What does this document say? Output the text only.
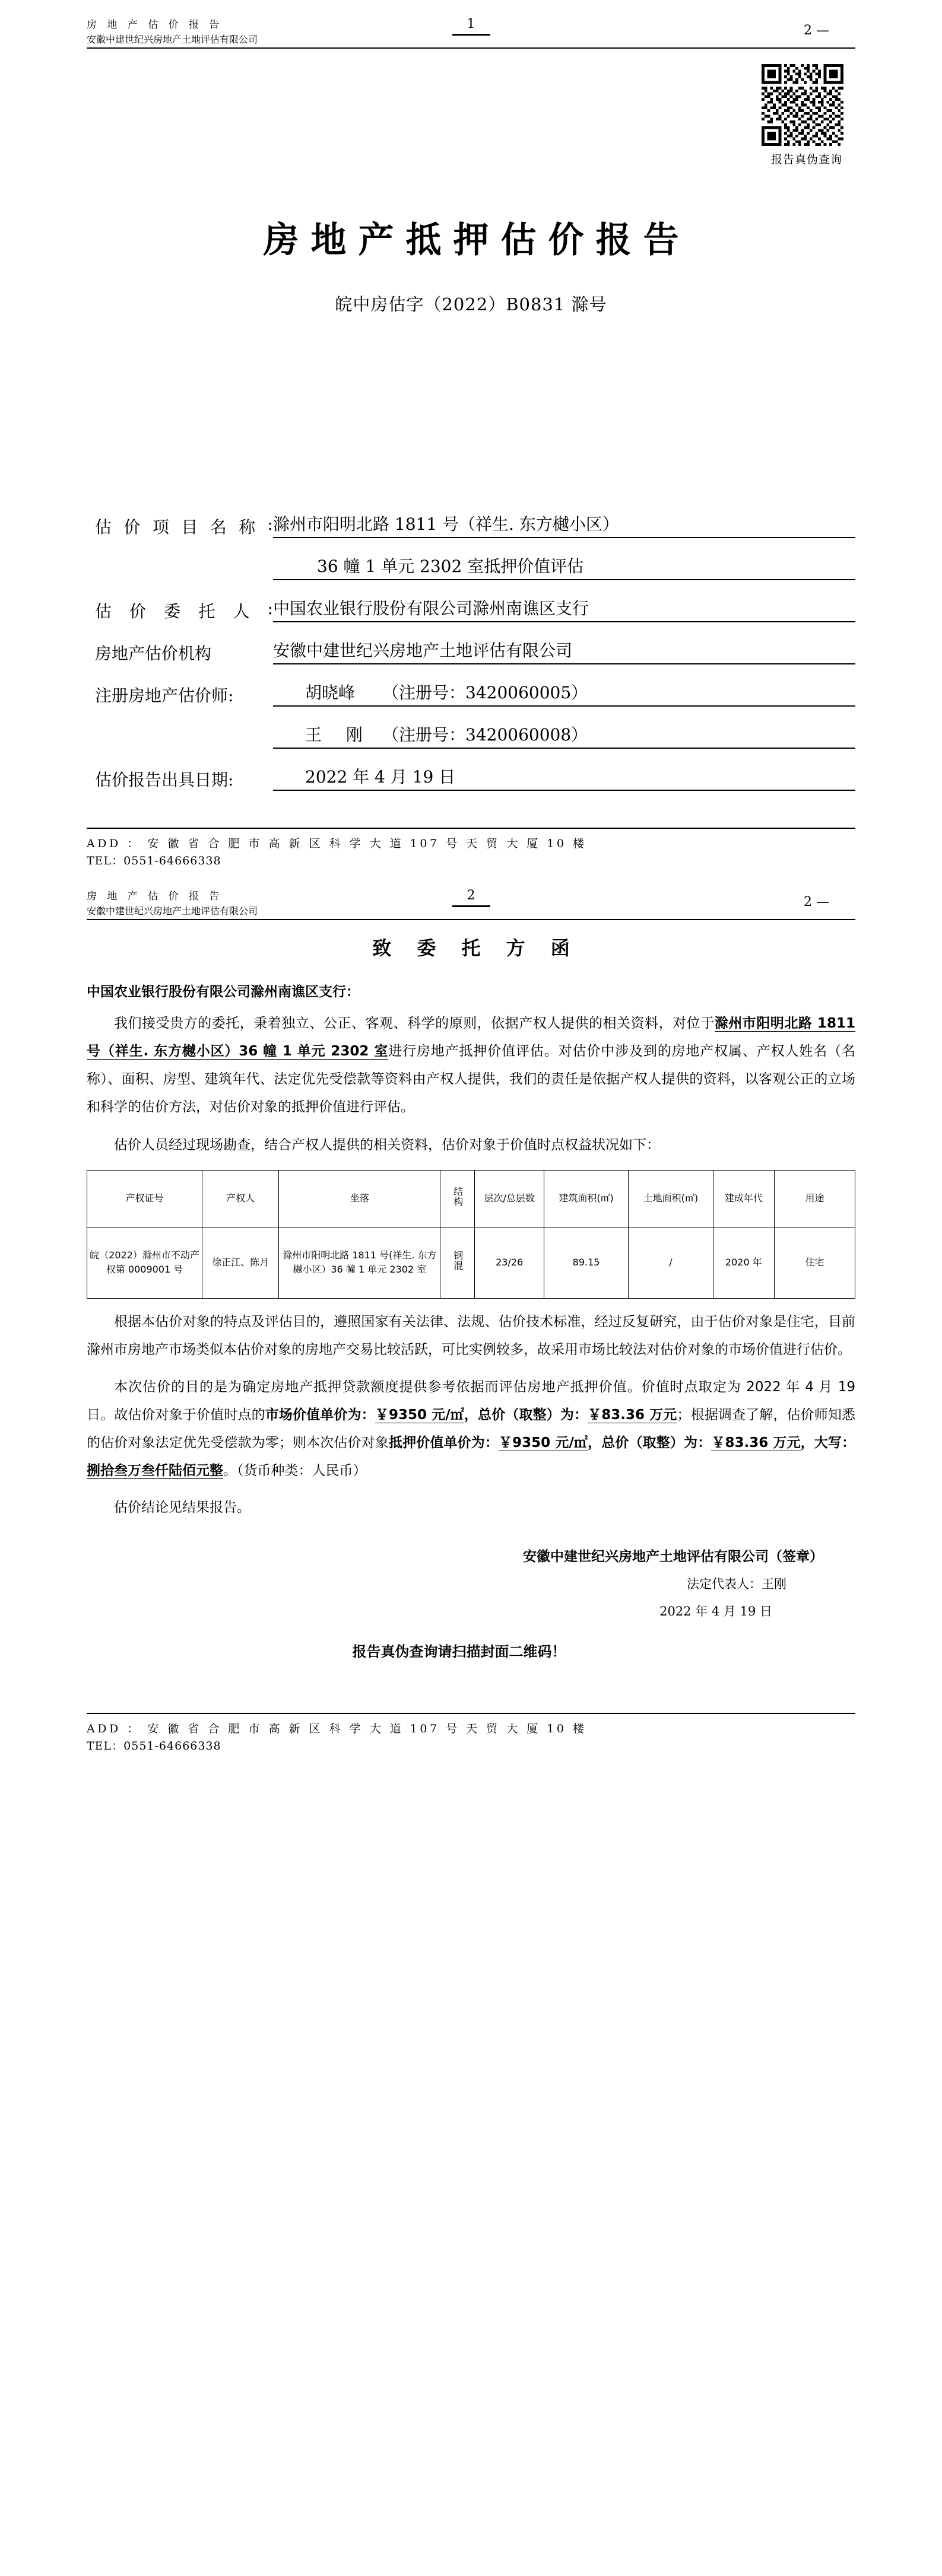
房 地 产 估 价 报 告
安徽中建世纪兴房地产土地评估有限公司
1	2 —
报告真伪查询
房地产抵押估价报告
皖中房估字（2022）B0831 滁号
估 价 项 目 名 称 : 滁州市阳明北路 1811 号（祥生. 东方樾小区）

36 幢 1 单元 2302 室抵押价值评估
估 价 委 托 人 : 中国农业银行股份有限公司滁州南谯区支行
房地产估价机构	安徽中建世纪兴房地产土地评估有限公司
注册房地产估价师:	胡晓峰 （注册号：3420060005）

王 刚 （注册号：3420060008）
估价报告出具日期:	2022 年 4 月 19 日
ADD ： 安 徽 省 合 肥 市 高 新 区 科 学 大 道 107 号 天 贸 大 厦 10 楼
TEL：0551-64666338
房 地 产 估 价 报 告
安徽中建世纪兴房地产土地评估有限公司
2	2 —
致 委 托 方 函
中国农业银行股份有限公司滁州南谯区支行：

我们接受贵方的委托，秉着独立、公正、客观、科学的原则，依据产权人提供的相关资料，对位于滁州市阳明北路 1811 号（祥生. 东方樾小区）36 幢 1 单元 2302 室进行房地产抵押价值评估。对估价中涉及到的房地产权属、产权人姓名（名称）、面积、房型、建筑年代、法定优先受偿款等资料由产权人提供，我们的责任是依据产权人提供的资料，以客观公正的立场和科学的估价方法，对估价对象的抵押价值进行评估。

估价人员经过现场勘查，结合产权人提供的相关资料，估价对象于价值时点权益状况如下：

产权证号	产权人	坐落	结构	层次/总层数	建筑面积(㎡)	土地面积(㎡)	建成年代	用途
皖（2022）滁州市不动产权第 0009001 号	徐正江、陈月	滁州市阳明北路 1811 号(祥生. 东方樾小区）36 幢 1 单元 2302 室	钢混	23/26	89.15	/	2020 年	住宅

根据本估价对象的特点及评估目的，遵照国家有关法律、法规、估价技术标准，经过反复研究，由于估价对象是住宅，目前滁州市房地产市场类似本估价对象的房地产交易比较活跃，可比实例较多，故采用市场比较法对估价对象的市场价值进行估价。

本次估价的目的是为确定房地产抵押贷款额度提供参考依据而评估房地产抵押价值。价值时点取定为 2022 年 4 月 19 日。故估价对象于价值时点的市场价值单价为：￥9350 元/㎡，总价（取整）为：￥83.36 万元；根据调查了解，估价师知悉的估价对象法定优先受偿款为零；则本次估价对象抵押价值单价为：￥9350 元/㎡，总价（取整）为：￥83.36 万元，大写：捌拾叁万叁仟陆佰元整。（货币种类：人民币）

估价结论见结果报告。

安徽中建世纪兴房地产土地评估有限公司（签章）
法定代表人：王刚
2022 年 4 月 19 日
报告真伪查询请扫描封面二维码！
ADD ： 安 徽 省 合 肥 市 高 新 区 科 学 大 道 107 号 天 贸 大 厦 10 楼
TEL：0551-64666338
